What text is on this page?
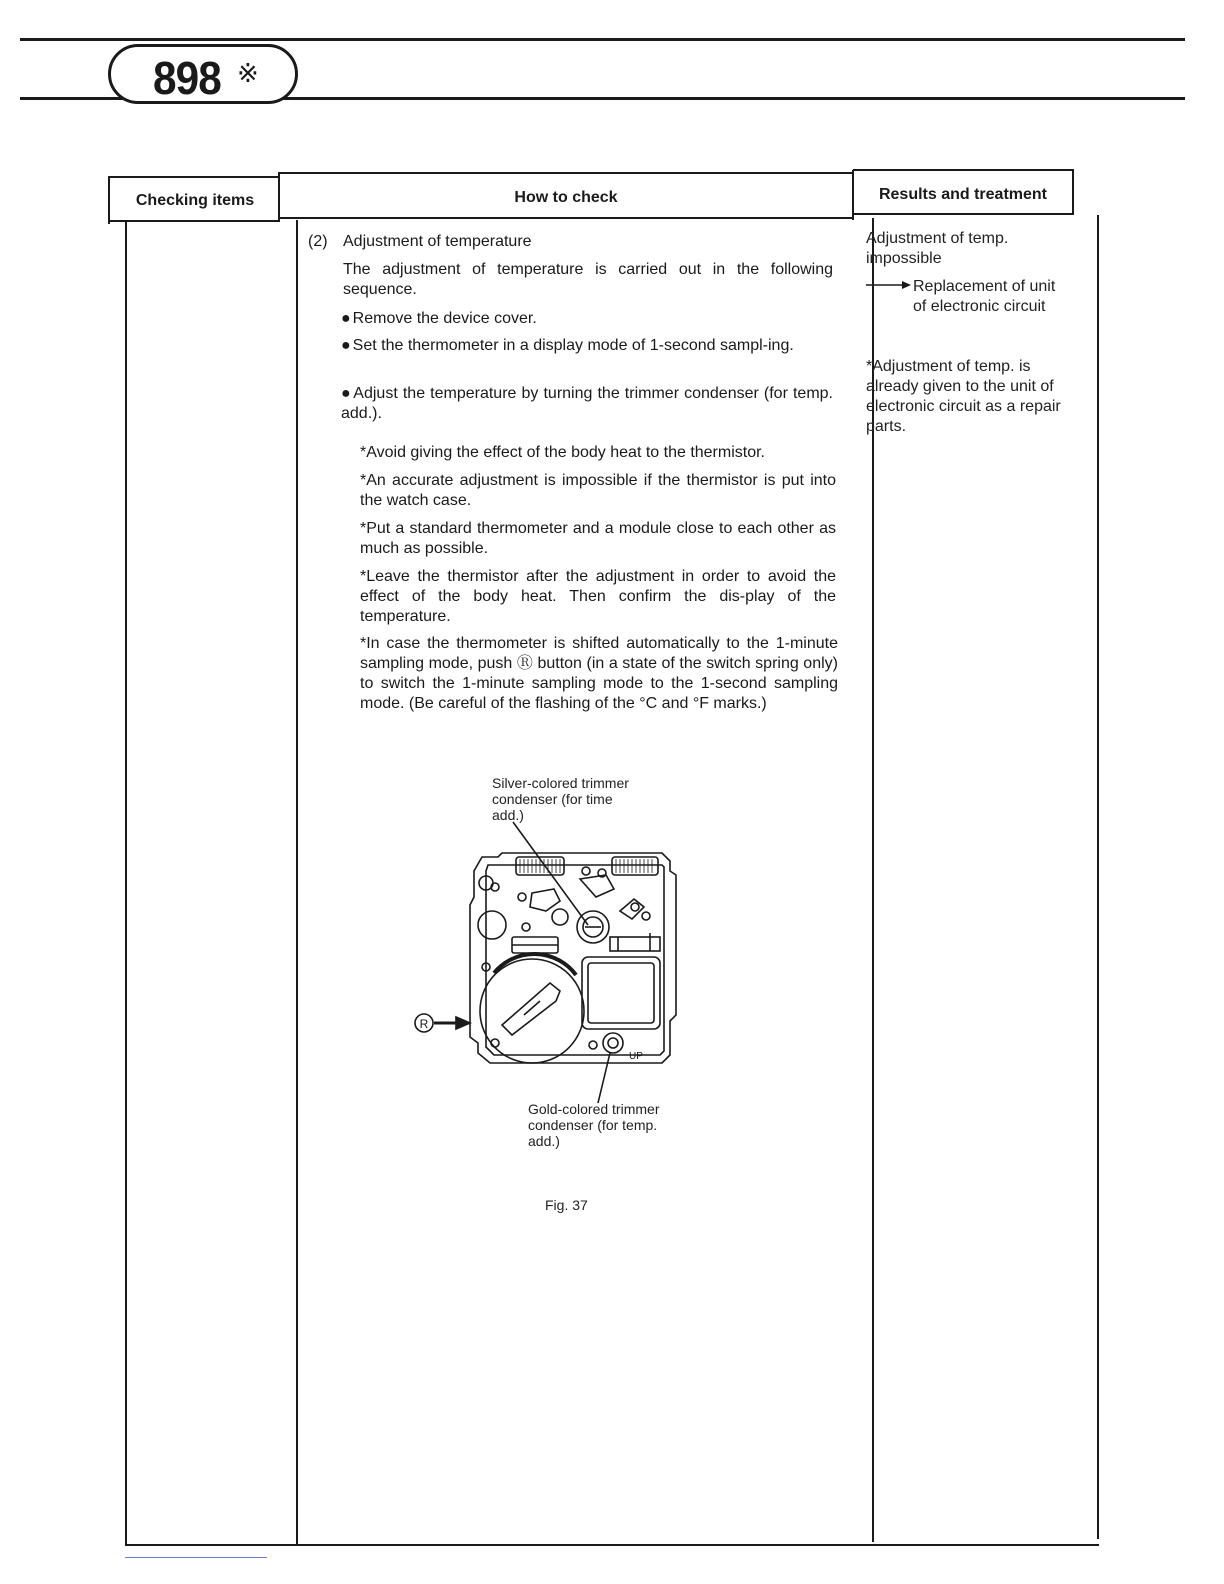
898 ※
Checking items	How to check	Results and treatment
(2) Adjustment of temperature
The adjustment of temperature is carried out in the following sequence.
● Remove the device cover.
● Set the thermometer in a display mode of 1-second sampl-ing.
● Adjust the temperature by turning the trimmer condenser (for temp. add.).
*Avoid giving the effect of the body heat to the thermistor.
*An accurate adjustment is impossible if the thermistor is put into the watch case.
*Put a standard thermometer and a module close to each other as much as possible.
*Leave the thermistor after the adjustment in order to avoid the effect of the body heat. Then confirm the dis-play of the temperature.
*In case the thermometer is shifted automatically to the 1-minute sampling mode, push Ⓡ button (in a state of the switch spring only) to switch the 1-minute sampling mode to the 1-second sampling mode. (Be careful of the flashing of the °C and °F marks.)
Adjustment of temp. impossible
Replacement of unit of electronic circuit
*Adjustment of temp. is already given to the unit of electronic circuit as a repair parts.
Silver-colored trimmer condenser (for time add.)
Gold-colored trimmer condenser (for temp. add.)
Fig. 37
R
UP
